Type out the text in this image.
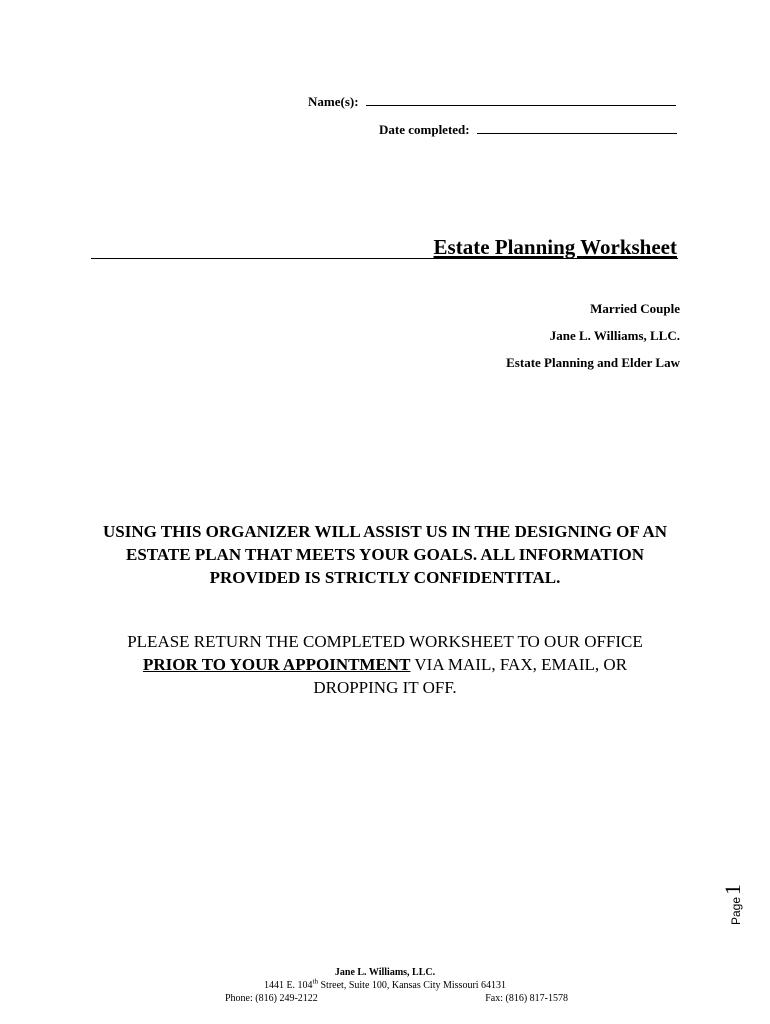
Name(s):
Date completed:
Estate Planning Worksheet
Married Couple
Jane L. Williams, LLC.
Estate Planning and Elder Law
USING THIS ORGANIZER WILL ASSIST US IN THE DESIGNING OF AN
ESTATE PLAN THAT MEETS YOUR GOALS. ALL INFORMATION
PROVIDED IS STRICTLY CONFIDENTITAL.
PLEASE RETURN THE COMPLETED WORKSHEET TO OUR OFFICE
PRIOR TO YOUR APPOINTMENT VIA MAIL, FAX, EMAIL, OR
DROPPING IT OFF.
Page1
Jane L. Williams, LLC.
1441 E. 104th Street, Suite 100, Kansas City Missouri 64131
Phone: (816) 249-2122	Fax: (816) 817-1578
